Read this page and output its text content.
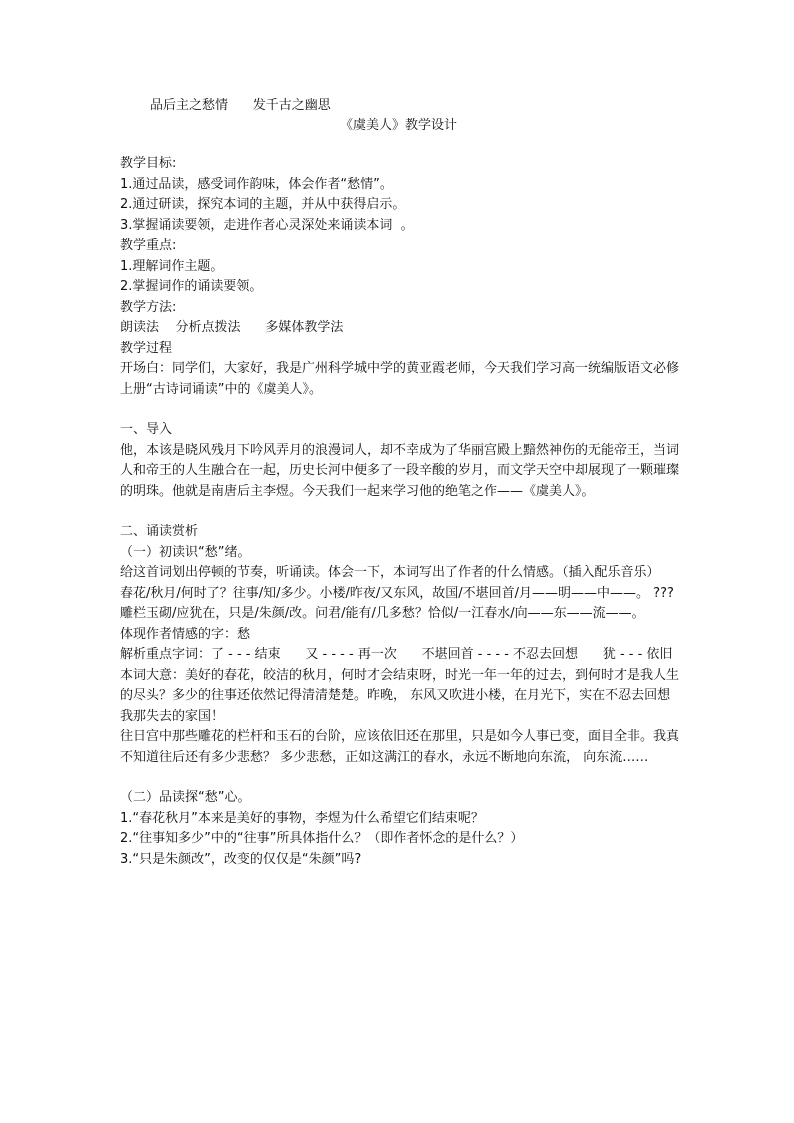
品后主之愁情      发千古之幽思
《虞美人》教学设计
教学目标:
1.通过品读，感受词作韵味，体会作者“愁情”。
2.通过研读，探究本词的主题，并从中获得启示。
3.掌握诵读要领，走进作者心灵深处来诵读本词  。
教学重点:
1.理解词作主题。
2.掌握词作的诵读要领。
教学方法:
朗读法    分析点拨法      多媒体教学法
教学过程
开场白：同学们，大家好，我是广州科学城中学的黄亚霞老师，今天我们学习高一统编版语文必修上册“古诗词诵读”中的《虞美人》。
一、导入
他，本该是晓风残月下吟风弄月的浪漫词人，却不幸成为了华丽宫殿上黯然神伤的无能帝王，当词人和帝王的人生融合在一起，历史长河中便多了一段辛酸的岁月，而文学天空中却展现了一颗璀璨的明珠。他就是南唐后主李煜。今天我们一起来学习他的绝笔之作——《虞美人》。
二、诵读赏析
（一）初读识“愁”绪。
给这首词划出停顿的节奏，听诵读。体会一下，本词写出了作者的什么情感。（插入配乐音乐）
春花/秋月/何时了？往事/知/多少。小楼/昨夜/又东风，故国/不堪回首/月——明——中——。 ???
雕栏玉砌/应犹在，只是/朱颜/改。问君/能有/几多愁？恰似/一江春水/向——东——流——。
体现作者情感的字：愁
解析重点字词：了 - - - 结束      又 - - - - 再一次      不堪回首 - - - - 不忍去回想      犹 - - - 依旧
本词大意：美好的春花，皎洁的秋月，何时才会结束呀，时光一年一年的过去，到何时才是我人生的尽头？多少的往事还依然记得清清楚楚。昨晚， 东风又吹进小楼，在月光下，实在不忍去回想我那失去的家国！
往日宫中那些雕花的栏杆和玉石的台阶，应该依旧还在那里，只是如今人事已变，面目全非。我真不知道往后还有多少悲愁？ 多少悲愁，正如这满江的春水，永远不断地向东流， 向东流……
（二）品读探“愁”心。
1.“春花秋月”本来是美好的事物，李煜为什么希望它们结束呢？
2.“往事知多少”中的“往事”所具体指什么？（即作者怀念的是什么？）
3.“只是朱颜改”，改变的仅仅是“朱颜”吗?
